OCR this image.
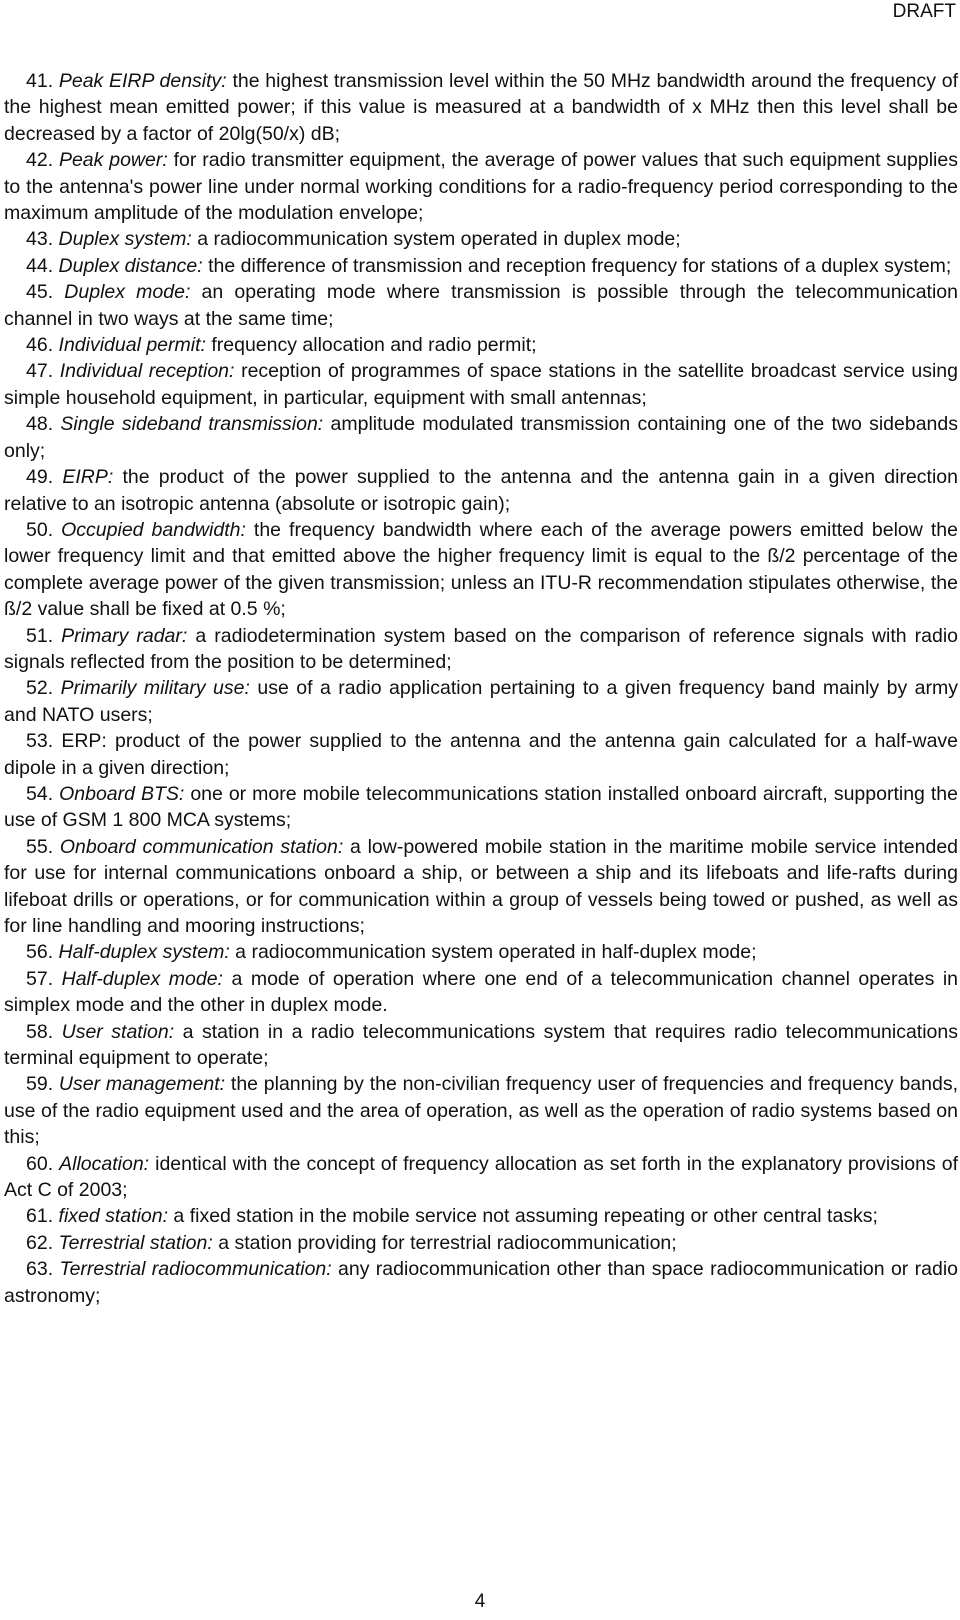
DRAFT

41. Peak EIRP density: the highest transmission level within the 50 MHz bandwidth around the frequency of the highest mean emitted power; if this value is measured at a bandwidth of x MHz then this level shall be decreased by a factor of 20lg(50/x) dB;

42. Peak power: for radio transmitter equipment, the average of power values that such equipment supplies to the antenna's power line under normal working conditions for a radio-frequency period corresponding to the maximum amplitude of the modulation envelope;

43. Duplex system: a radiocommunication system operated in duplex mode;

44. Duplex distance: the difference of transmission and reception frequency for stations of a duplex system;

45. Duplex mode: an operating mode where transmission is possible through the telecommunication channel in two ways at the same time;

46. Individual permit: frequency allocation and radio permit;

47. Individual reception: reception of programmes of space stations in the satellite broadcast service using simple household equipment, in particular, equipment with small antennas;

48. Single sideband transmission: amplitude modulated transmission containing one of the two sidebands only;

49. EIRP: the product of the power supplied to the antenna and the antenna gain in a given direction relative to an isotropic antenna (absolute or isotropic gain);

50. Occupied bandwidth: the frequency bandwidth where each of the average powers emitted below the lower frequency limit and that emitted above the higher frequency limit is equal to the ß/2 percentage of the complete average power of the given transmission; unless an ITU-R recommendation stipulates otherwise, the ß/2 value shall be fixed at 0.5 %;

51. Primary radar: a radiodetermination system based on the comparison of reference signals with radio signals reflected from the position to be determined;

52. Primarily military use: use of a radio application pertaining to a given frequency band mainly by army and NATO users;

53. ERP: product of the power supplied to the antenna and the antenna gain calculated for a half-wave dipole in a given direction;

54. Onboard BTS: one or more mobile telecommunications station installed onboard aircraft, supporting the use of GSM 1 800 MCA systems;

55. Onboard communication station: a low-powered mobile station in the maritime mobile service intended for use for internal communications onboard a ship, or between a ship and its lifeboats and life-rafts during lifeboat drills or operations, or for communication within a group of vessels being towed or pushed, as well as for line handling and mooring instructions;

56. Half-duplex system: a radiocommunication system operated in half-duplex mode;

57. Half-duplex mode: a mode of operation where one end of a telecommunication channel operates in simplex mode and the other in duplex mode.

58. User station: a station in a radio telecommunications system that requires radio telecommunications terminal equipment to operate;

59. User management: the planning by the non-civilian frequency user of frequencies and frequency bands, use of the radio equipment used and the area of operation, as well as the operation of radio systems based on this;

60. Allocation: identical with the concept of frequency allocation as set forth in the explanatory provisions of Act C of 2003;

61. fixed station: a fixed station in the mobile service not assuming repeating or other central tasks;

62. Terrestrial station: a station providing for terrestrial radiocommunication;

63. Terrestrial radiocommunication: any radiocommunication other than space radiocommunication or radio astronomy;

4
